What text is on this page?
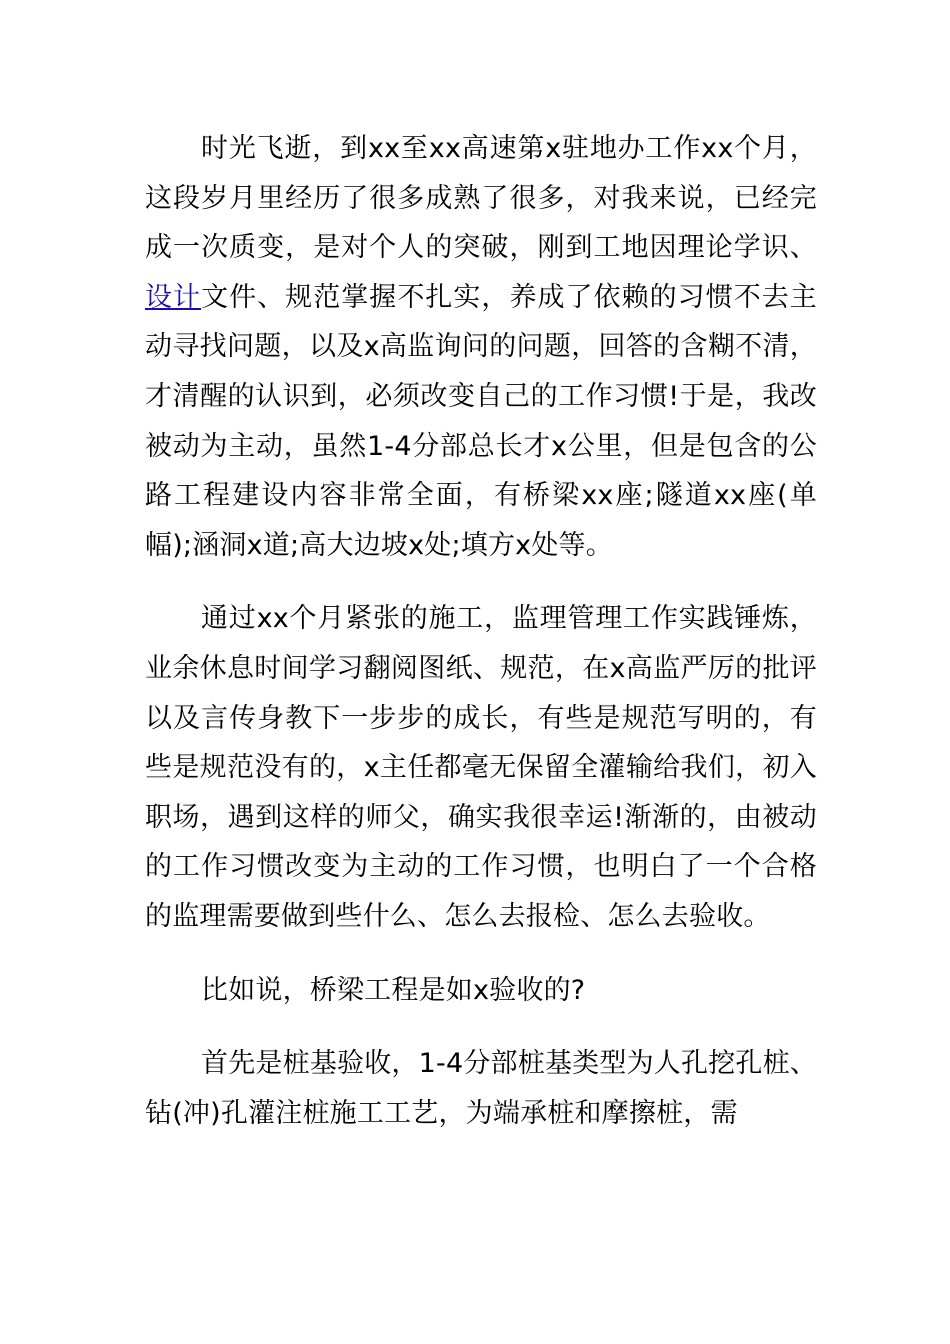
时光飞逝，到xx至xx高速第x驻地办工作xx个月，这段岁月里经历了很多成熟了很多，对我来说，已经完成一次质变，是对个人的突破，刚到工地因理论学识、设计文件、规范掌握不扎实，养成了依赖的习惯不去主动寻找问题，以及x高监询问的问题，回答的含糊不清，才清醒的认识到，必须改变自己的工作习惯!于是，我改被动为主动，虽然1-4分部总长才x公里，但是包含的公路工程建设内容非常全面，有桥梁xx座;隧道xx座(单幅);涵洞x道;高大边坡x处;填方x处等。

通过xx个月紧张的施工，监理管理工作实践锤炼，业余休息时间学习翻阅图纸、规范，在x高监严厉的批评以及言传身教下一步步的成长，有些是规范写明的，有些是规范没有的，x主任都毫无保留全灌输给我们，初入职场，遇到这样的师父，确实我很幸运!渐渐的，由被动的工作习惯改变为主动的工作习惯，也明白了一个合格的监理需要做到些什么、怎么去报检、怎么去验收。

比如说，桥梁工程是如x验收的?

首先是桩基验收，1-4分部桩基类型为人孔挖孔桩、钻(冲)孔灌注桩施工工艺，为端承桩和摩擦桩，需
